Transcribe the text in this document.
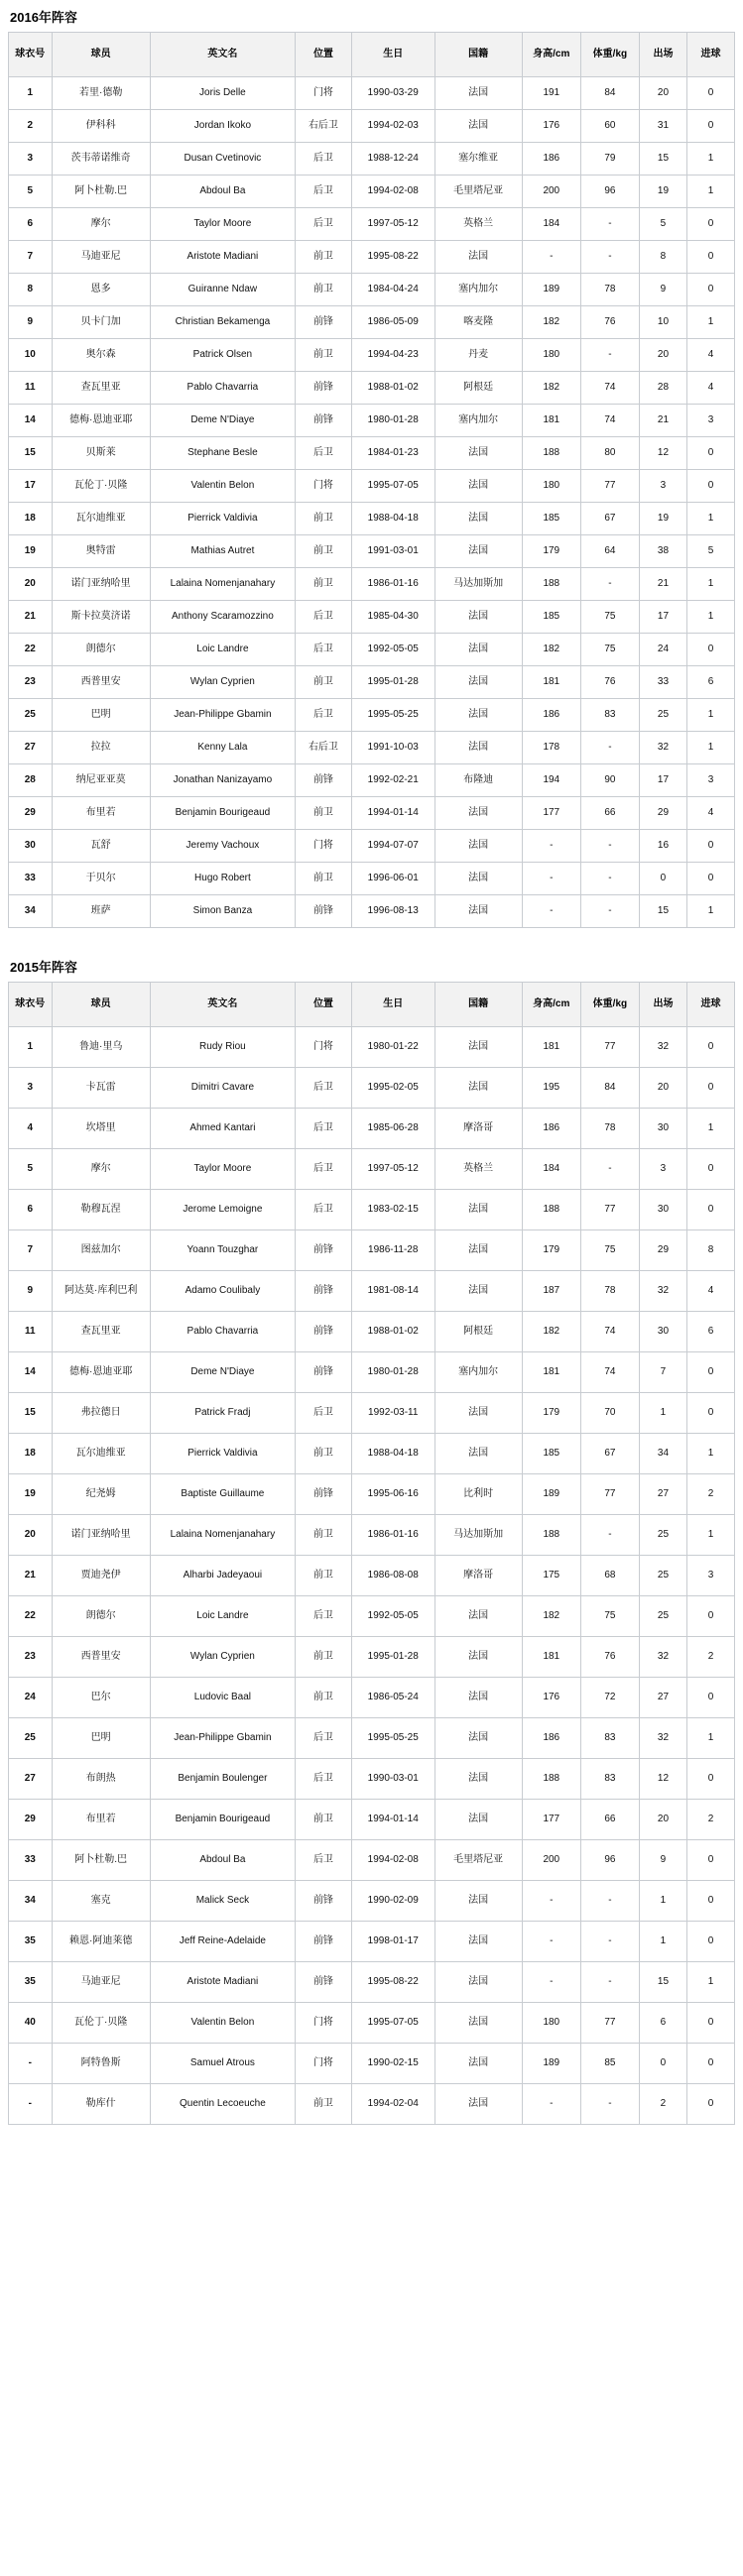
2016年阵容
球衣号	球员	英文名	位置	生日	国籍	身高/cm	体重/kg	出场	进球
1	若里·德勒	Joris Delle	门将	1990-03-29	法国	191	84	20	0
2	伊科科	Jordan Ikoko	右后卫	1994-02-03	法国	176	60	31	0
3	茨韦蒂诺维奇	Dusan Cvetinovic	后卫	1988-12-24	塞尔维亚	186	79	15	1
5	阿卜杜勒.巴	Abdoul Ba	后卫	1994-02-08	毛里塔尼亚	200	96	19	1
6	摩尔	Taylor Moore	后卫	1997-05-12	英格兰	184	-	5	0
7	马迪亚尼	Aristote Madiani	前卫	1995-08-22	法国	-	-	8	0
8	恩多	Guiranne Ndaw	前卫	1984-04-24	塞内加尔	189	78	9	0
9	贝卡门加	Christian Bekamenga	前锋	1986-05-09	喀麦隆	182	76	10	1
10	奥尔森	Patrick Olsen	前卫	1994-04-23	丹麦	180	-	20	4
11	查瓦里亚	Pablo Chavarria	前锋	1988-01-02	阿根廷	182	74	28	4
14	德梅·恩迪亚耶	Deme N'Diaye	前锋	1980-01-28	塞内加尔	181	74	21	3
15	贝斯莱	Stephane Besle	后卫	1984-01-23	法国	188	80	12	0
17	瓦伦丁·贝隆	Valentin Belon	门将	1995-07-05	法国	180	77	3	0
18	瓦尔迪维亚	Pierrick Valdivia	前卫	1988-04-18	法国	185	67	19	1
19	奥特雷	Mathias Autret	前卫	1991-03-01	法国	179	64	38	5
20	诺门亚纳哈里	Lalaina Nomenjanahary	前卫	1986-01-16	马达加斯加	188	-	21	1
21	斯卡拉莫济诺	Anthony Scaramozzino	后卫	1985-04-30	法国	185	75	17	1
22	朗德尔	Loic Landre	后卫	1992-05-05	法国	182	75	24	0
23	西普里安	Wylan Cyprien	前卫	1995-01-28	法国	181	76	33	6
25	巴明	Jean-Philippe Gbamin	后卫	1995-05-25	法国	186	83	25	1
27	拉拉	Kenny Lala	右后卫	1991-10-03	法国	178	-	32	1
28	纳尼亚亚莫	Jonathan Nanizayamo	前锋	1992-02-21	布隆迪	194	90	17	3
29	布里若	Benjamin Bourigeaud	前卫	1994-01-14	法国	177	66	29	4
30	瓦舒	Jeremy Vachoux	门将	1994-07-07	法国	-	-	16	0
33	于贝尔	Hugo Robert	前卫	1996-06-01	法国	-	-	0	0
34	班萨	Simon Banza	前锋	1996-08-13	法国	-	-	15	1
2015年阵容
球衣号	球员	英文名	位置	生日	国籍	身高/cm	体重/kg	出场	进球
1	鲁迪·里乌	Rudy Riou	门将	1980-01-22	法国	181	77	32	0
3	卡瓦雷	Dimitri Cavare	后卫	1995-02-05	法国	195	84	20	0
4	坎塔里	Ahmed Kantari	后卫	1985-06-28	摩洛哥	186	78	30	1
5	摩尔	Taylor Moore	后卫	1997-05-12	英格兰	184	-	3	0
6	勒穆瓦涅	Jerome Lemoigne	后卫	1983-02-15	法国	188	77	30	0
7	图兹加尔	Yoann Touzghar	前锋	1986-11-28	法国	179	75	29	8
9	阿达莫·库利巴利	Adamo Coulibaly	前锋	1981-08-14	法国	187	78	32	4
11	查瓦里亚	Pablo Chavarria	前锋	1988-01-02	阿根廷	182	74	30	6
14	德梅·恩迪亚耶	Deme N'Diaye	前锋	1980-01-28	塞内加尔	181	74	7	0
15	弗拉德日	Patrick Fradj	后卫	1992-03-11	法国	179	70	1	0
18	瓦尔迪维亚	Pierrick Valdivia	前卫	1988-04-18	法国	185	67	34	1
19	纪尧姆	Baptiste Guillaume	前锋	1995-06-16	比利时	189	77	27	2
20	诺门亚纳哈里	Lalaina Nomenjanahary	前卫	1986-01-16	马达加斯加	188	-	25	1
21	贾迪尧伊	Alharbi Jadeyaoui	前卫	1986-08-08	摩洛哥	175	68	25	3
22	朗德尔	Loic Landre	后卫	1992-05-05	法国	182	75	25	0
23	西普里安	Wylan Cyprien	前卫	1995-01-28	法国	181	76	32	2
24	巴尔	Ludovic Baal	前卫	1986-05-24	法国	176	72	27	0
25	巴明	Jean-Philippe Gbamin	后卫	1995-05-25	法国	186	83	32	1
27	布朗热	Benjamin Boulenger	后卫	1990-03-01	法国	188	83	12	0
29	布里若	Benjamin Bourigeaud	前卫	1994-01-14	法国	177	66	20	2
33	阿卜杜勒.巴	Abdoul Ba	后卫	1994-02-08	毛里塔尼亚	200	96	9	0
34	塞克	Malick Seck	前锋	1990-02-09	法国	-	-	1	0
35	赖恩·阿迪莱德	Jeff Reine-Adelaide	前锋	1998-01-17	法国	-	-	1	0
35	马迪亚尼	Aristote Madiani	前锋	1995-08-22	法国	-	-	15	1
40	瓦伦丁·贝隆	Valentin Belon	门将	1995-07-05	法国	180	77	6	0
-	阿特鲁斯	Samuel Atrous	门将	1990-02-15	法国	189	85	0	0
-	勒库什	Quentin Lecoeuche	前卫	1994-02-04	法国	-	-	2	0
